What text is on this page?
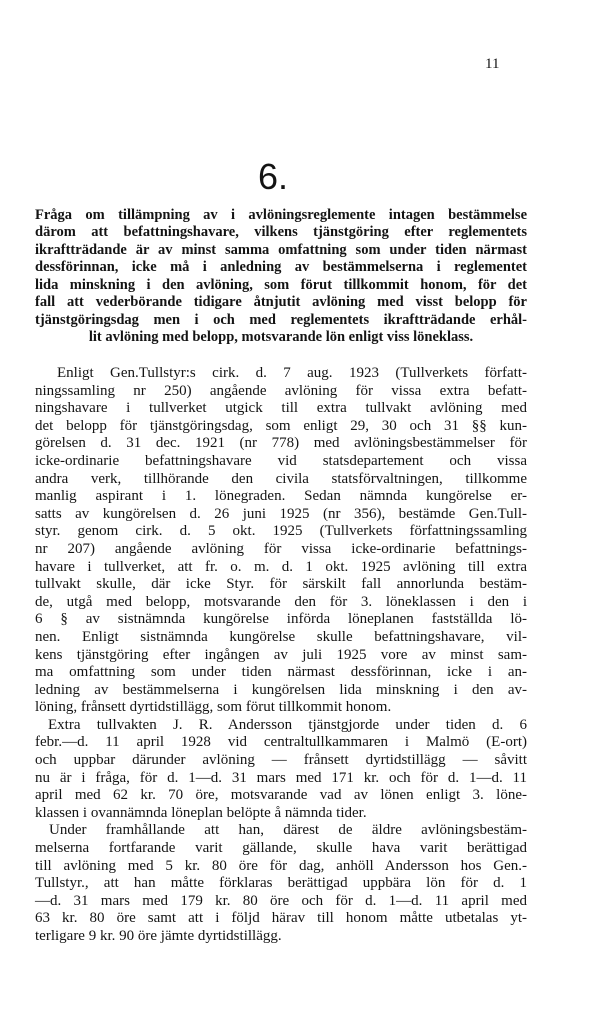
11
6.
Fråga om tillämpning av i avlöningsreglemente intagen bestämmelse
därom att befattningshavare, vilkens tjänstgöring efter reglementets
ikraftträdande är av minst samma omfattning som under tiden närmast
dessförinnan, icke må i anledning av bestämmelserna i reglementet
lida minskning i den avlöning, som förut tillkommit honom, för det
fall att vederbörande tidigare åtnjutit avlöning med visst belopp för
tjänstgöringsdag men i och med reglementets ikraftträdande erhål-
lit avlöning med belopp, motsvarande lön enligt viss löneklass.
Enligt Gen.Tullstyr:s cirk. d. 7 aug. 1923 (Tullverkets författ-
ningssamling nr 250) angående avlöning för vissa extra befatt-
ningshavare i tullverket utgick till extra tullvakt avlöning med
det belopp för tjänstgöringsdag, som enligt 29, 30 och 31 §§ kun-
görelsen d. 31 dec. 1921 (nr 778) med avlöningsbestämmelser för
icke-ordinarie befattningshavare vid statsdepartement och vissa
andra verk, tillhörande den civila statsförvaltningen, tillkomme
manlig aspirant i 1. lönegraden. Sedan nämnda kungörelse er-
satts av kungörelsen d. 26 juni 1925 (nr 356), bestämde Gen.Tull-
styr. genom cirk. d. 5 okt. 1925 (Tullverkets författningssamling
nr 207) angående avlöning för vissa icke-ordinarie befattnings-
havare i tullverket, att fr. o. m. d. 1 okt. 1925 avlöning till extra
tullvakt skulle, där icke Styr. för särskilt fall annorlunda bestäm-
de, utgå med belopp, motsvarande den för 3. löneklassen i den i
6 § av sistnämnda kungörelse införda löneplanen fastställda lö-
nen. Enligt sistnämnda kungörelse skulle befattningshavare, vil-
kens tjänstgöring efter ingången av juli 1925 vore av minst sam-
ma omfattning som under tiden närmast dessförinnan, icke i an-
ledning av bestämmelserna i kungörelsen lida minskning i den av-
löning, frånsett dyrtidstillägg, som förut tillkommit honom.
Extra tullvakten J. R. Andersson tjänstgjorde under tiden d. 6
febr.—d. 11 april 1928 vid centraltullkammaren i Malmö (E-ort)
och uppbar därunder avlöning — frånsett dyrtidstillägg — såvitt
nu är i fråga, för d. 1—d. 31 mars med 171 kr. och för d. 1—d. 11
april med 62 kr. 70 öre, motsvarande vad av lönen enligt 3. löne-
klassen i ovannämnda löneplan belöpte å nämnda tider.
Under framhållande att han, därest de äldre avlöningsbestäm-
melserna fortfarande varit gällande, skulle hava varit berättigad
till avlöning med 5 kr. 80 öre för dag, anhöll Andersson hos Gen.-
Tullstyr., att han måtte förklaras berättigad uppbära lön för d. 1
—d. 31 mars med 179 kr. 80 öre och för d. 1—d. 11 april med
63 kr. 80 öre samt att i följd härav till honom måtte utbetalas yt-
terligare 9 kr. 90 öre jämte dyrtidstillägg.
